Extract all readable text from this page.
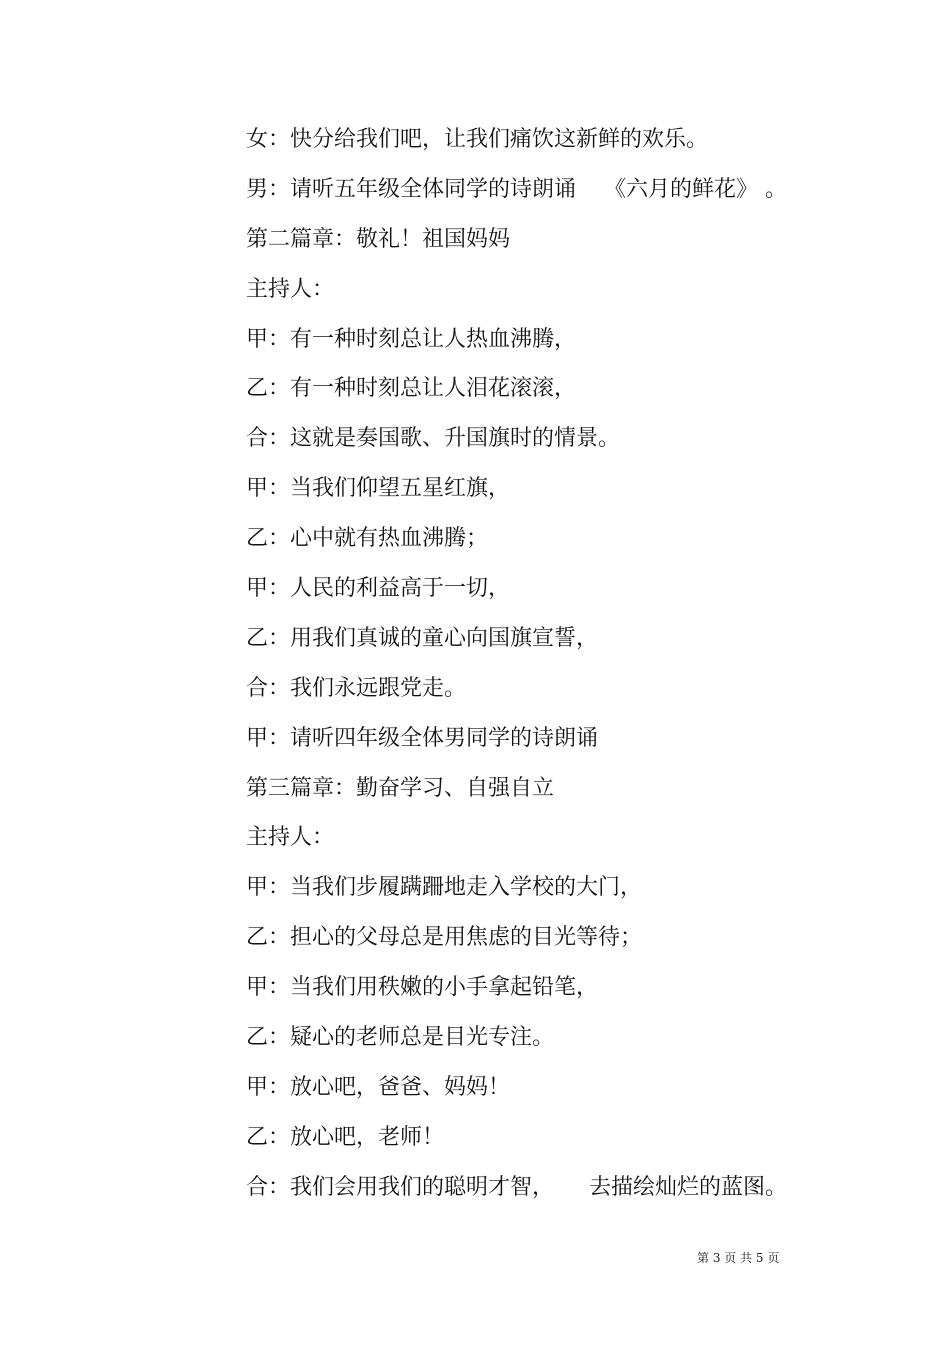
女：快分给我们吧，让我们痛饮这新鲜的欢乐。
男：请听五年级全体同学的诗朗诵    《六月的鲜花》 。
第二篇章：敬礼！祖国妈妈
主持人：
甲：有一种时刻总让人热血沸腾，
乙：有一种时刻总让人泪花滚滚，
合：这就是奏国歌、升国旗时的情景。
甲：当我们仰望五星红旗，
乙：心中就有热血沸腾；
甲：人民的利益高于一切，
乙：用我们真诚的童心向国旗宣誓，
合：我们永远跟党走。
甲：请听四年级全体男同学的诗朗诵
第三篇章：勤奋学习、自强自立
主持人：
甲：当我们步履蹒跚地走入学校的大门，
乙：担心的父母总是用焦虑的目光等待；
甲：当我们用秩嫩的小手拿起铅笔，
乙：疑心的老师总是目光专注。
甲：放心吧，爸爸、妈妈！
乙：放心吧，老师！
合：我们会用我们的聪明才智，     去描绘灿烂的蓝图。
第 3 页 共 5 页
